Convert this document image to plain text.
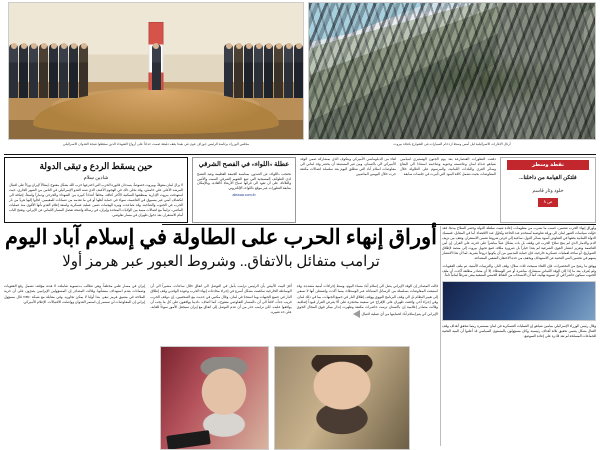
أرتال الاغارات الاسرائيلية ليل أمس وسط ازدحام السيارات في الشوارع باتجاه بيروت
مجلس الوزراء برئاسة الرئيس جوزاف عون في بعبدا يقف دقيقة صمت حداداً على أرواح الشهداء الذين سقطوا نتيجة العدوان الاسرائيلي
نقطة وسطر
فلتكن القيامة من داخلنا...
خلود وثار قاسم
ص ٨
دفعت التطورات الفتصارعة بعد يوم الجنون الهستيري لبنيامين نتنياهو غـداة لبنان وعاصمته وجنوبه وضاحيته استنادا الى البقاع وسائر القرى والبلدات اللبنانية، والمرسوم على الطاولة خلال المفاوضات بحيث تشمل كافة البنود التي أثيرت في جلسات سابقة
لقاء من الدبلوماسي الأميركي ويتكوف الذي بمشاركة ضمن الوفد الأميركي الى باكستان، ومن غير المستبعد أن يحضر وفد لبناني الى مفاوضات اسلام آباد التي تنطلق اليوم بعد سلسلة اتصالات مكثفة جرت خلال اليومين الماضيين
عطلة «اللواء» في الفصح الشرقي
تحتجب «اللواء» عن الصدور، بمناسبة الجمعة العظيمة وعيد الفصح لدى الطوائف المسيحية التي تتبع التقويم الشرقي السبت والأثنين والثلاثاء، على أن تعود الى قرائها صباح الأربعاء كالعادة، وبالإمكان متابعة التطورات عبر موقع «اللواء» الإلكتروني
alewaa.com.lb
حين يسقط الردع و تبقى الدولة
شادين سلام
لا يزال لبنان معوقاً، وبيروت خصوصاً، يسددان فاتورة الحرب التي اخترعها حزب الله بشكل مفتوح، إمتثالاً لإيران وردّاً على اغتيال المرشد الأعلى علي خامنئي، وقد تجلى ذلك في الهجوم الأعنف الذي شنه العدو الإسرائيلي في الثامن من الشهر الجاري، حيث استهدفت بيروت الإدارية بمنطقتها السكنية الأكثر كثافة، مخلفاً أعداداً كبيرة من الشهداء والجرحى ودماراً واسعاً، إضافة الى انكشاف أمني غير مسبوق في العاصمة، سواء في حماية أهلها أو في ما تقدمه من ضمانات للمقيمين. لجأوا إليها هرباً من نار الحرب في الجنوب والضاحية. وقد تصاعدت وتيرة الهجمات ضمن عملية عسكرية واسعة إعلام العدو بأنها الأقوى منذ عمليات الماضي، تزامناً مع اتصالات مبنية بين الولايات المتحدة وإيران، في رسالة واضحة تفصل المسار اللبناني عن الإيراني، وتفتح الباب أمام الاستقرار، بعد دخول طهران في مسار تفاوضي.
أوراق إنهاء الحرب على الطاولة في إسلام آباد اليوم
ترامب متفائل بالاتفاق.. وشروط العبور عبر هرمز أولا
قالت المصادر إن الوفد الإيراني يصل الى إسلام آباد مساء اليوم، وسط إجراءات أمنية مشددة. وقد استبقت المفاوضات بسلسلة من الرسائل المتبادلة عبر الوسطاء، بينما أكدت واشنطن أنها لا تسعى إلى تغيير النظام بل الى وقف البرنامج النووي ووقف إطلاق النار في جميع الجبهات، بما في ذلك لبنان. وفي إجراء آخر، وافقت طهران على الإفراج عن سفينة محتجزة على ألا يفرض القرار قيوداً إضافية. وقالت مصادر إعلامية إن باكستان ترتبت حاضرات مكثفة وظهرت إنذار مبكر فوق المجال الجوي الإيراني كي يتم إسلام آباد لحمايتها من أي عملية اغتيال.
أقرّ البيت الأبيض بأن الرئيس ترامب يأمل في التوصل الى اتفاق خلال ساعات، مشيراً الى أن الوساطة الخارجية ساهمت بشكل أسرع في إجراء محادثات إنهاء الحرب وعودة الوفدين وقف إطلاق النار في جميع الجبهات وما استجدّ في لبنان. وقال مكتبي في حديث مع الصحفيين، إن «وقف الحرب قريب جداً»، لافتاً الى أن «المسار التفاوضي مفتوح». كما أضاف: «لدينا يوافقون على كل ما يجب أن يوافقوا عليه». لكن ترامب حذر من أن عدم التوصل إلى اتفاق مع إيران سيجعل الأمور سوءاً للغاية، على حد تعبيره.
إيران في مسار علني مختلفاً. وهي تطالب بـ«تسوية شاملة» لا هدنة مؤقتة، تشمل رفع العقوبات وضمانات بعدم استهداف منشآتها. وقالت المصادر إن المسؤولين الإيرانيين يصرّون على أن حرية الملاحة في مضيق هرمز تبقى بندا أوليا لا يمكن تجاوزه. وفي مقابلة مع شبكة NBC قال مسؤول إيراني إن المفاوضات لن تستمر إن استمر العدوان وواصلت الاغتيالات. الإعلام الأميركي.
وأوراق إنهاء الحرب تتضمن، حسب ما تسرب من معلومات، إعادة تثبيت سلطة الدولة وحصر السلاح بيدها. فقد حوّلت سياسات العبور لبنان الى ورقة تفاوضية تُستخدم عند الحاجة وتُحوّل عند الاقتضاء. أما في المقابل، فتمسك الدولة اللبنانية بحقها في التفاوض أسوة بسائر الدول، ساعية إلى فرض شروط تضمن الاستقرار، وتقف من نزيف الدم والدمار الذي لم ينتج سلاح الحرب في وقفه، بل بات يشكل عبئاً مباشراً على قدرته على القرار. إن أمن العاصمة وتعزيز انتشار القوى الشرعية لم يعدا خياراً بل ضرورة ملحّة. فمع تحويل بيروت إلى منصة لإطلاق الصواريخ، أو ساحة لعمليات عسكرية خارجية، فإن حماية المدنيين من أن يكونوا دروعاً بشرية، لما أن هذا الانتشار يسهم في تحصين البنى التحتية عن الاستهداف ويخفف من حدة الاحتقان الشعبي المتصاعد.
ووفق ما رشح من التحضيرات، فإن اللقاء سيبحث ثلاث سلال: وقف النار، والترتيبات الأمنية، ثم ملف العقوبات. ولم يُعرف بعد ما إذا كان الوفد اللبناني سيشارك مباشرة أو عبر الوسطاء. إلا أن مصادر مطلعة أكدت أن ملف الجنوب سيكون حاضراً في أي تسوية نهائية، كما أن الانسحاب من النقاط الخمس المتبقية يبقى شرطاً لبنانياً ثابتاً.
وقال رئيس الوزراء الإسرائيلي بنيامين نتنياهو إن العمليات العسكرية في لبنان مستمرة ريثما تتحقق أهداف وقف القتال بشكل يضمن تحقيق ثلاثة أهداف رئيسية. وكان مسؤولون بالمستوى السياسي قد أعلنوا أن البنية التحتية للجماعات المسلحة لم تعد قادرة على إعادة التموضع.
